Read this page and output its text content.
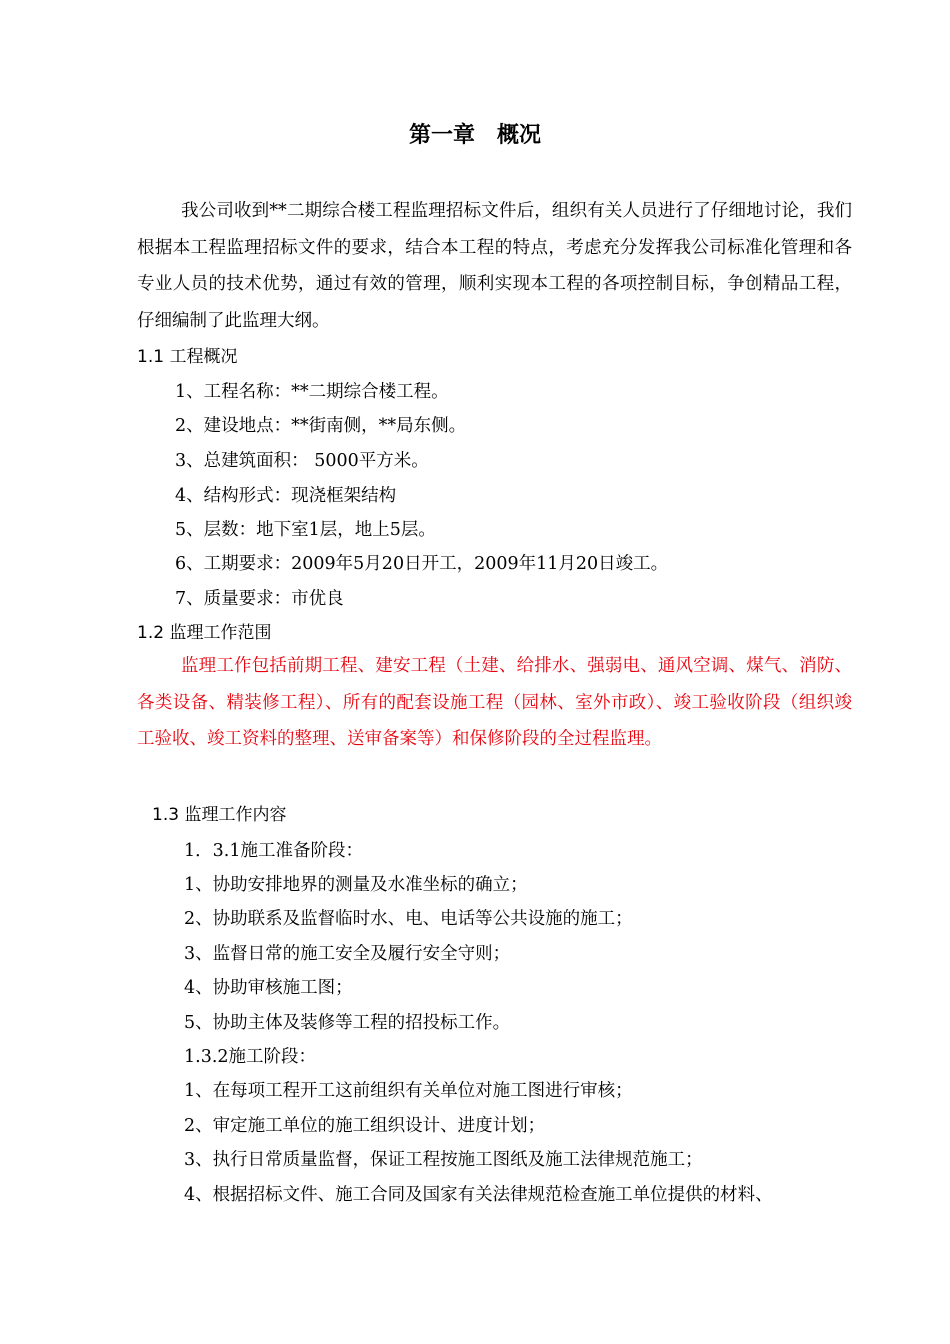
第一章　概况

我公司收到**二期综合楼工程监理招标文件后，组织有关人员进行了仔细地讨论，我们根据本工程监理招标文件的要求，结合本工程的特点，考虑充分发挥我公司标准化管理和各专业人员的技术优势，通过有效的管理，顺利实现本工程的各项控制目标，争创精品工程，仔细编制了此监理大纲。

1.1 工程概况
1、工程名称：**二期综合楼工程。
2、建设地点：**街南侧，**局东侧。
3、总建筑面积： 5000平方米。
4、结构形式：现浇框架结构
5、层数：地下室1层，地上5层。
6、工期要求：2009年5月20日开工，2009年11月20日竣工。
7、质量要求：市优良
1.2 监理工作范围

监理工作包括前期工程、建安工程（土建、给排水、强弱电、通风空调、煤气、消防、各类设备、精装修工程）、所有的配套设施工程（园林、室外市政）、竣工验收阶段（组织竣工验收、竣工资料的整理、送审备案等）和保修阶段的全过程监理。

1.3 监理工作内容
1．3.1施工准备阶段：
1、协助安排地界的测量及水准坐标的确立；
2、协助联系及监督临时水、电、电话等公共设施的施工；
3、监督日常的施工安全及履行安全守则；
4、协助审核施工图；
5、协助主体及装修等工程的招投标工作。
1.3.2施工阶段：
1、在每项工程开工这前组织有关单位对施工图进行审核；
2、审定施工单位的施工组织设计、进度计划；
3、执行日常质量监督，保证工程按施工图纸及施工法律规范施工；
4、根据招标文件、施工合同及国家有关法律规范检查施工单位提供的材料、
